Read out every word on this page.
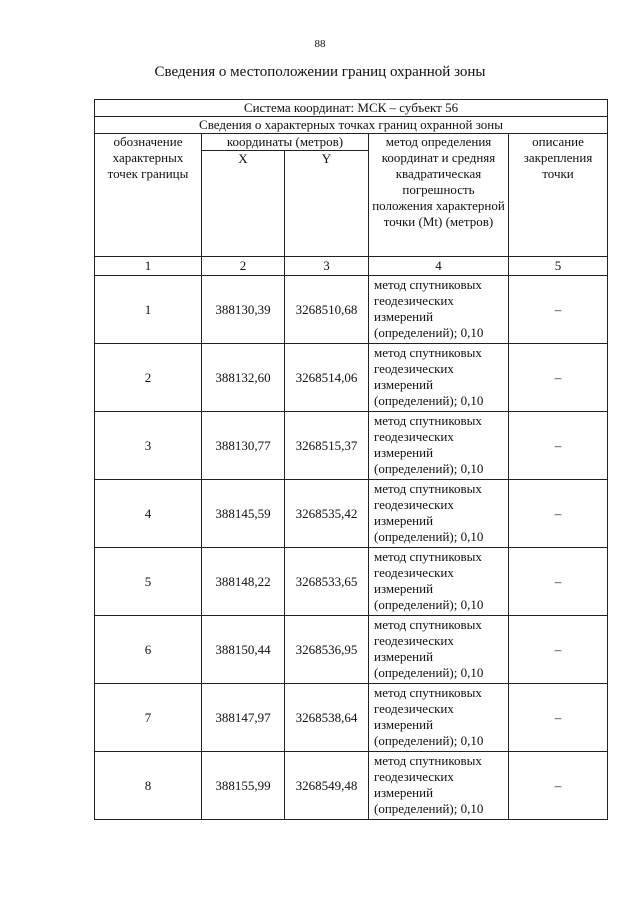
88
Сведения о местоположении границ охранной зоны
Система координат: МСК – субъект 56				
Сведения о характерных точках границ охранной зоны				
обозначение характерных точек границы	координаты (метров)		метод определения координат и средняя квадратическая погрешность положения характерной точки (Mt) (метров)	описание закрепления точки
	X	Y		
1	2	3	4	5
1	388130,39	3268510,68	метод спутниковых геодезических измерений (определений); 0,10	–
2	388132,60	3268514,06	метод спутниковых геодезических измерений (определений); 0,10	–
3	388130,77	3268515,37	метод спутниковых геодезических измерений (определений); 0,10	–
4	388145,59	3268535,42	метод спутниковых геодезических измерений (определений); 0,10	–
5	388148,22	3268533,65	метод спутниковых геодезических измерений (определений); 0,10	–
6	388150,44	3268536,95	метод спутниковых геодезических измерений (определений); 0,10	–
7	388147,97	3268538,64	метод спутниковых геодезических измерений (определений); 0,10	–
8	388155,99	3268549,48	метод спутниковых геодезических измерений (определений); 0,10	–
